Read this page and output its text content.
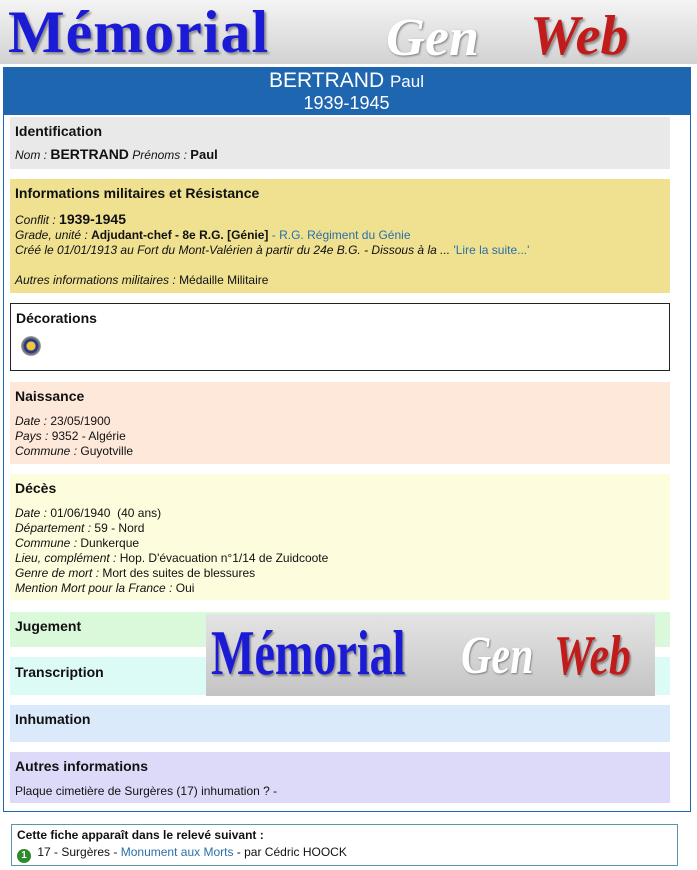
Mémorial Gen Web
BERTRAND Paul
1939-1945
Identification
Nom : BERTRAND Prénoms : Paul
Informations militaires et Résistance
Conflit : 1939-1945
Grade, unité : Adjudant-chef - 8e R.G. [Génie] - R.G. Régiment du Génie
Créé le 01/01/1913 au Fort du Mont-Valérien à partir du 24e B.G. - Dissous à la ... 'Lire la suite...'
Autres informations militaires : Médaille Militaire
Décorations
Naissance
Date : 23/05/1900
Pays : 9352 - Algérie
Commune : Guyotville
Décès
Date : 01/06/1940  (40 ans)
Département : 59 - Nord
Commune : Dunkerque
Lieu, complément : Hop. D'évacuation n°1/14 de Zuidcoote
Genre de mort : Mort des suites de blessures
Mention Mort pour la France : Oui
Jugement
Transcription Mémorial Gen Web
Inhumation
Autres informations
Plaque cimetière de Surgères (17) inhumation ? -
Cette fiche apparaît dans le relevé suivant :
1 17 - Surgères - Monument aux Morts - par Cédric HOOCK
